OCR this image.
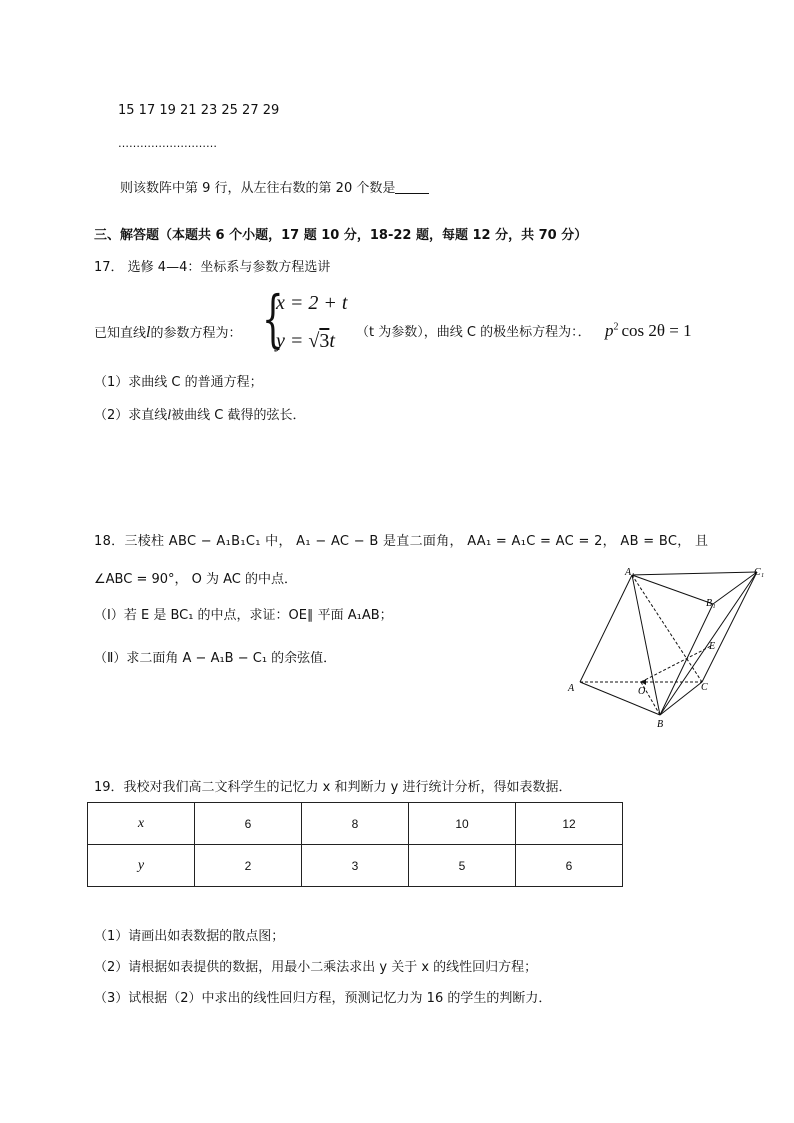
15 17 19 21 23 25 27 29
………………………
则该数阵中第 9 行，从左往右数的第 20 个数是
三、解答题（本题共 6 个小题，17 题 10 分，18-22 题，每题 12 分，共 70 分）
17． 选修 4—4：坐标系与参数方程选讲
已知直线l的参数方程为： {
x = 2 + t
y = √3t （t 为参数），曲线 C 的极坐标方程为：． $p^2$ cos 2θ = 1
（1）求曲线 C 的普通方程；
（2）求直线l被曲线 C 截得的弦长．
18．三棱柱 ABC − A₁B₁C₁ 中， A₁ − AC − B 是直二面角， AA₁ = A₁C = AC = 2， AB = BC， 且
∠ABC = 90°， O 为 AC 的中点．
（Ⅰ）若 E 是 BC₁ 的中点，求证：OE∥ 平面 A₁AB；
（Ⅱ）求二面角 A − A₁B − C₁ 的余弦值．
A₁	C₁
B₁
E
A	O	C
B
19．我校对我们高二文科学生的记忆力 x 和判断力 y 进行统计分析，得如表数据．
x	6	8	10	12
y	2	3	5	6
（1）请画出如表数据的散点图；
（2）请根据如表提供的数据，用最小二乘法求出 y 关于 x 的线性回归方程；
（3）试根据（2）中求出的线性回归方程，预测记忆力为 16 的学生的判断力．
